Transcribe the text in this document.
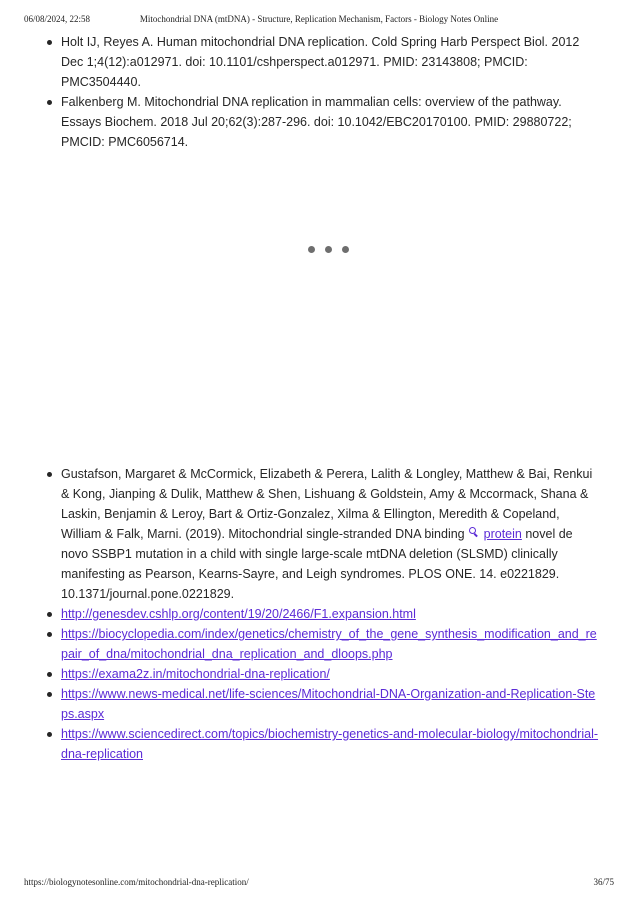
06/08/2024, 22:58	Mitochondrial DNA (mtDNA) - Structure, Replication Mechanism, Factors - Biology Notes Online
Holt IJ, Reyes A. Human mitochondrial DNA replication. Cold Spring Harb Perspect Biol. 2012 Dec 1;4(12):a012971. doi: 10.1101/cshperspect.a012971. PMID: 23143808; PMCID: PMC3504440.
Falkenberg M. Mitochondrial DNA replication in mammalian cells: overview of the pathway. Essays Biochem. 2018 Jul 20;62(3):287-296. doi: 10.1042/EBC20170100. PMID: 29880722; PMCID: PMC6056714.
Gustafson, Margaret & McCormick, Elizabeth & Perera, Lalith & Longley, Matthew & Bai, Renkui & Kong, Jianping & Dulik, Matthew & Shen, Lishuang & Goldstein, Amy & Mccormack, Shana & Laskin, Benjamin & Leroy, Bart & Ortiz-Gonzalez, Xilma & Ellington, Meredith & Copeland, William & Falk, Marni. (2019). Mitochondrial single-stranded DNA binding protein novel de novo SSBP1 mutation in a child with single large-scale mtDNA deletion (SLSMD) clinically manifesting as Pearson, Kearns-Sayre, and Leigh syndromes. PLOS ONE. 14. e0221829. 10.1371/journal.pone.0221829.
http://genesdev.cshlp.org/content/19/20/2466/F1.expansion.html
https://biocyclopedia.com/index/genetics/chemistry_of_the_gene_synthesis_modification_and_repair_of_dna/mitochondrial_dna_replication_and_dloops.php
https://examа2z.in/mitochondrial-dna-replication/
https://www.news-medical.net/life-sciences/Mitochondrial-DNA-Organization-and-Replication-Steps.aspx
https://www.sciencedirect.com/topics/biochemistry-genetics-and-molecular-biology/mitochondrial-dna-replication
https://biologynotesonline.com/mitochondrial-dna-replication/	36/75
